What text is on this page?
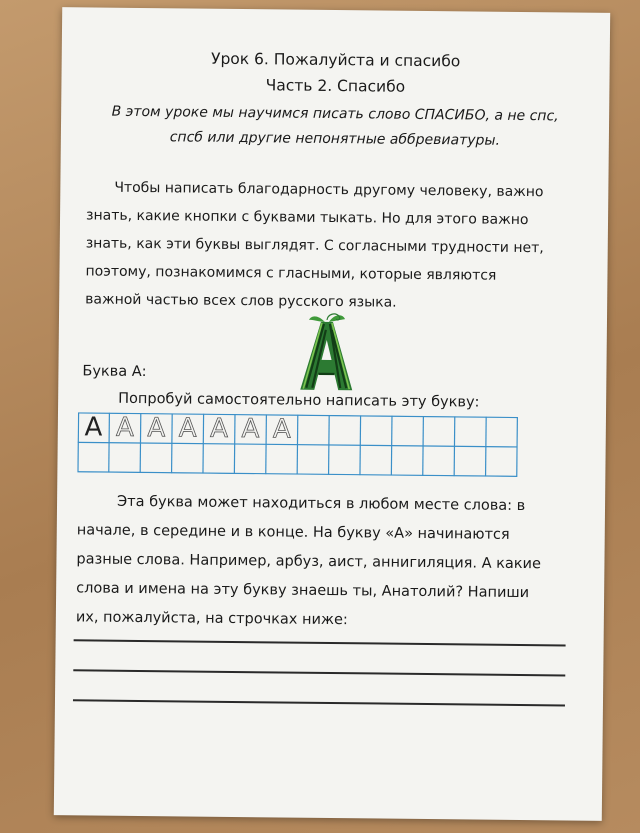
Урок 6. Пожалуйста и спасибо
Часть 2. Спасибо
В этом уроке мы научимся писать слово СПАСИБО, а не спс,
спсб или другие непонятные аббревиатуры.

Чтобы написать благодарность другому человеку, важно

знать, какие кнопки с буквами тыкать. Но для этого важно

знать, как эти буквы выглядят. С согласными трудности нет,

поэтому, познакомимся с гласными, которые являются

важной частью всех слов русского языка.

Буква А:
Попробуй самостоятельно написать эту букву:
А А А А А А А

Эта буква может находиться в любом месте слова: в

начале, в середине и в конце. На букву «А» начинаются

разные слова. Например, арбуз, аист, аннигиляция. А какие

слова и имена на эту букву знаешь ты, Анатолий? Напиши

их, пожалуйста, на строчках ниже:
